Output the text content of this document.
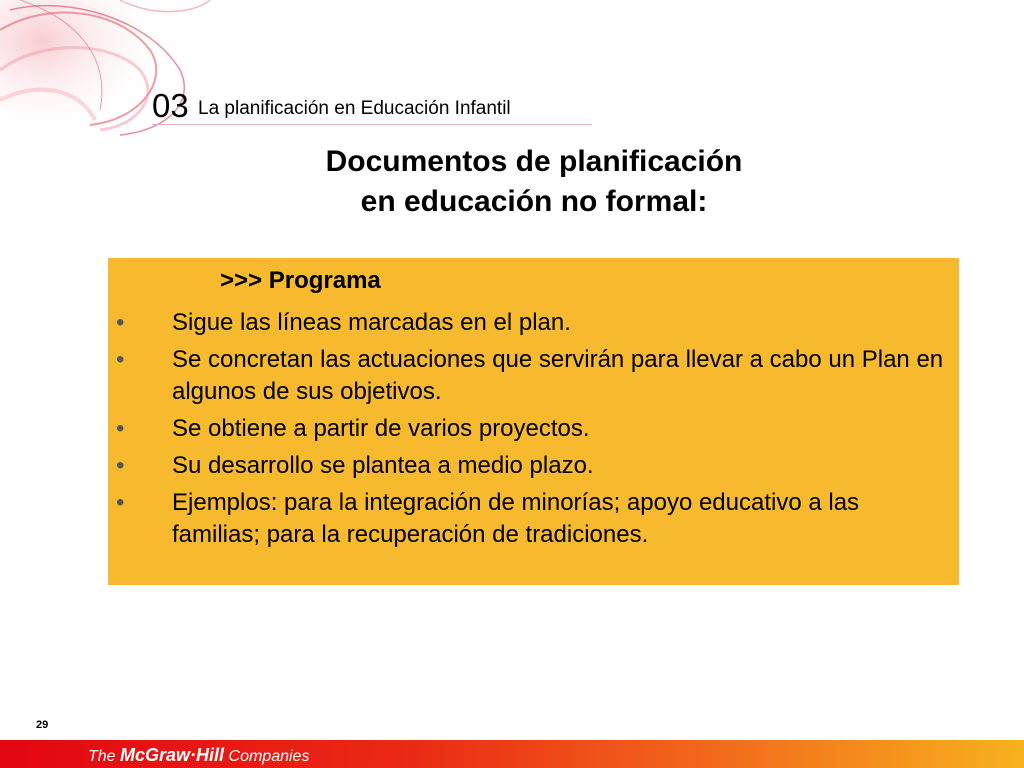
03 La planificación en Educación Infantil
Documentos de planificación
en educación no formal:
>>> Programa
•	Sigue las líneas marcadas en el plan.
•	Se concretan las actuaciones que servirán para llevar a cabo un Plan en algunos de sus objetivos.
•	Se obtiene a partir de varios proyectos.
•	Su desarrollo se plantea a medio plazo.
•	Ejemplos: para la integración de minorías; apoyo educativo a las familias; para la recuperación de tradiciones.
29
The McGraw·Hill Companies
